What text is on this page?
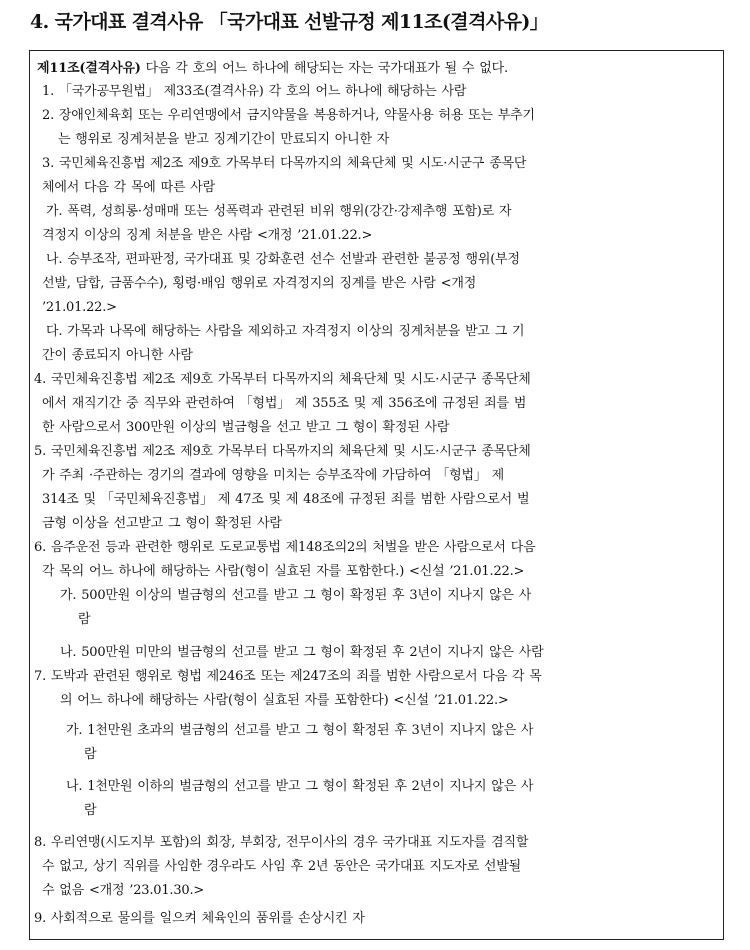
4. 국가대표 결격사유 「국가대표 선발규정 제11조(결격사유)」
제11조(결격사유) 다음 각 호의 어느 하나에 해당되는 자는 국가대표가 될 수 없다.
1. 「국가공무원법」 제33조(결격사유) 각 호의 어느 하나에 해당하는 사람
2. 장애인체육회 또는 우리연맹에서 금지약물을 복용하거나, 약물사용 허용 또는 부추기
는 행위로 징계처분을 받고 징계기간이 만료되지 아니한 자
3. 국민체육진흥법 제2조 제9호 가목부터 다목까지의 체육단체 및 시도·시군구 종목단
체에서 다음 각 목에 따른 사람
가. 폭력, 성희롱·성매매 또는 성폭력과 관련된 비위 행위(강간·강제추행 포함)로 자
격정지 이상의 징계 처분을 받은 사람 <개정 ’21.01.22.>
나. 승부조작, 편파판정, 국가대표 및 강화훈련 선수 선발과 관련한 불공정 행위(부정
선발, 담합, 금품수수), 횡령·배임 행위로 자격정지의 징계를 받은 사람 <개정
’21.01.22.>
다. 가목과 나목에 해당하는 사람을 제외하고 자격정지 이상의 징계처분을 받고 그 기
간이 종료되지 아니한 사람
4. 국민체육진흥법 제2조 제9호 가목부터 다목까지의 체육단체 및 시도·시군구 종목단체
에서 재직기간 중 직무와 관련하여 「형법」 제 355조 및 제 356조에 규정된 죄를 범
한 사람으로서 300만원 이상의 벌금형을 선고 받고 그 형이 확정된 사람
5. 국민체육진흥법 제2조 제9호 가목부터 다목까지의 체육단체 및 시도·시군구 종목단체
가 주최 ·주관하는 경기의 결과에 영향을 미치는 승부조작에 가담하여 「형법」 제
314조 및 「국민체육진흥법」 제 47조 및 제 48조에 규정된 죄를 범한 사람으로서 벌
금형 이상을 선고받고 그 형이 확정된 사람
6. 음주운전 등과 관련한 행위로 도로교통법 제148조의2의 처벌을 받은 사람으로서 다음
각 목의 어느 하나에 해당하는 사람(형이 실효된 자를 포함한다.) <신설 ’21.01.22.>
가. 500만원 이상의 벌금형의 선고를 받고 그 형이 확정된 후 3년이 지나지 않은 사
람
나. 500만원 미만의 벌금형의 선고를 받고 그 형이 확정된 후 2년이 지나지 않은 사람
7. 도박과 관련된 행위로 형법 제246조 또는 제247조의 죄를 범한 사람으로서 다음 각 목
의 어느 하나에 해당하는 사람(형이 실효된 자를 포함한다) <신설 ’21.01.22.>
가. 1천만원 초과의 벌금형의 선고를 받고 그 형이 확정된 후 3년이 지나지 않은 사
람
나. 1천만원 이하의 벌금형의 선고를 받고 그 형이 확정된 후 2년이 지나지 않은 사
람
8. 우리연맹(시도지부 포함)의 회장, 부회장, 전무이사의 경우 국가대표 지도자를 겸직할
수 없고, 상기 직위를 사임한 경우라도 사임 후 2년 동안은 국가대표 지도자로 선발될
수 없음 <개정 ’23.01.30.>
9. 사회적으로 물의를 일으켜 체육인의 품위를 손상시킨 자
